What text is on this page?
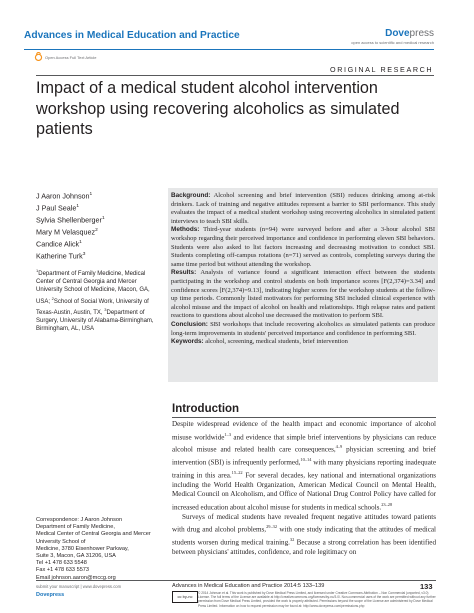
Advances in Medical Education and Practice	Dovepress
open access to scientific and medical research
Open Access Full Text Article
ORIGINAL RESEARCH
Impact of a medical student alcohol intervention workshop using recovering alcoholics as simulated patients
J Aaron Johnson$^1$
J Paul Seale$^1$
Sylvia Shellenberger$^1$
Mary M Velasquez$^2$
Candice Alick$^1$
Katherine Turk$^3$
$^1$Department of Family Medicine, Medical Center of Central Georgia and Mercer University School of Medicine, Macon, GA, USA; $^2$School of Social Work, University of Texas-Austin, Austin, TX, $^3$Department of Surgery, University of Alabama-Birmingham, Birmingham, AL, USA
Background: Alcohol screening and brief intervention (SBI) reduces drinking among at-risk drinkers. Lack of training and negative attitudes represent a barrier to SBI performance. This study evaluates the impact of a medical student workshop using recovering alcoholics in simulated patient interviews to teach SBI skills.
Methods: Third-year students (n=94) were surveyed before and after a 3-hour alcohol SBI workshop regarding their perceived importance and confidence in performing eleven SBI behaviors. Students were also asked to list factors increasing and decreasing motivation to conduct SBI. Students completing off-campus rotations (n=71) served as controls, completing surveys during the same time period but without attending the workshop.
Results: Analysis of variance found a significant interaction effect between the students participating in the workshop and control students on both importance scores [F(2,374)=3.34] and confidence scores [F(2,374)=9.13], indicating higher scores for the workshop students at the follow-up time periods. Commonly listed motivators for performing SBI included clinical experience with alcohol misuse and the impact of alcohol on health and relationships. High relapse rates and patient reactions to questions about alcohol use decreased the motivation to perform SBI.
Conclusion: SBI workshops that include recovering alcoholics as simulated patients can produce long-term improvements in students' perceived importance and confidence in performing SBI.
Keywords: alcohol, screening, medical students, brief intervention
Introduction

Despite widespread evidence of the health impact and economic importance of alcohol misuse worldwide$^{1-3}$ and evidence that simple brief interventions by physicians can reduce alcohol misuse and related health care consequences,$^{4-9}$ physician screening and brief intervention (SBI) is infrequently performed,$^{10-14}$ with many physicians reporting inadequate training in this area.$^{15-22}$ For several decades, key national and international organizations including the World Health Organization, American Medical Council on Mental Health, Medical Council on Alcoholism, and Office of National Drug Control Policy have called for increased education about alcohol misuse for students in medical schools.$^{23-28}$

Surveys of medical students have revealed frequent negative attitudes toward patients with drug and alcohol problems,$^{29-32}$ with one study indicating that the attitudes of medical students worsen during medical training.$^{32}$ Because a strong correlation has been identified between physicians' attitudes, confidence, and role legitimacy on

Correspondence: J Aaron Johnson
Department of Family Medicine,
Medical Center of Central Georgia and Mercer University School of
Medicine, 3780 Eisenhower Parkway,
Suite 3, Macon, GA 31206, USA
Tel +1 478 633 5548
Fax +1 478 633 5573
Email johnson.aaron@mccg.org
submit your manuscript | www.dovepress.com
Dovepress
Advances in Medical Education and Practice 2014:5 133–139	133
cc by-nc
© 2014 Johnson et al. This work is published by Dove Medical Press Limited, and licensed under Creative Commons Attribution – Non Commercial (unported, v3.0) License. The full terms of the License are available at http://creativecommons.org/licenses/by-nc/3.0/. Non-commercial uses of the work are permitted without any further permission from Dove Medical Press Limited, provided the work is properly attributed. Permissions beyond the scope of the License are administered by Dove Medical Press Limited. Information on how to request permission may be found at: http://www.dovepress.com/permissions.php
